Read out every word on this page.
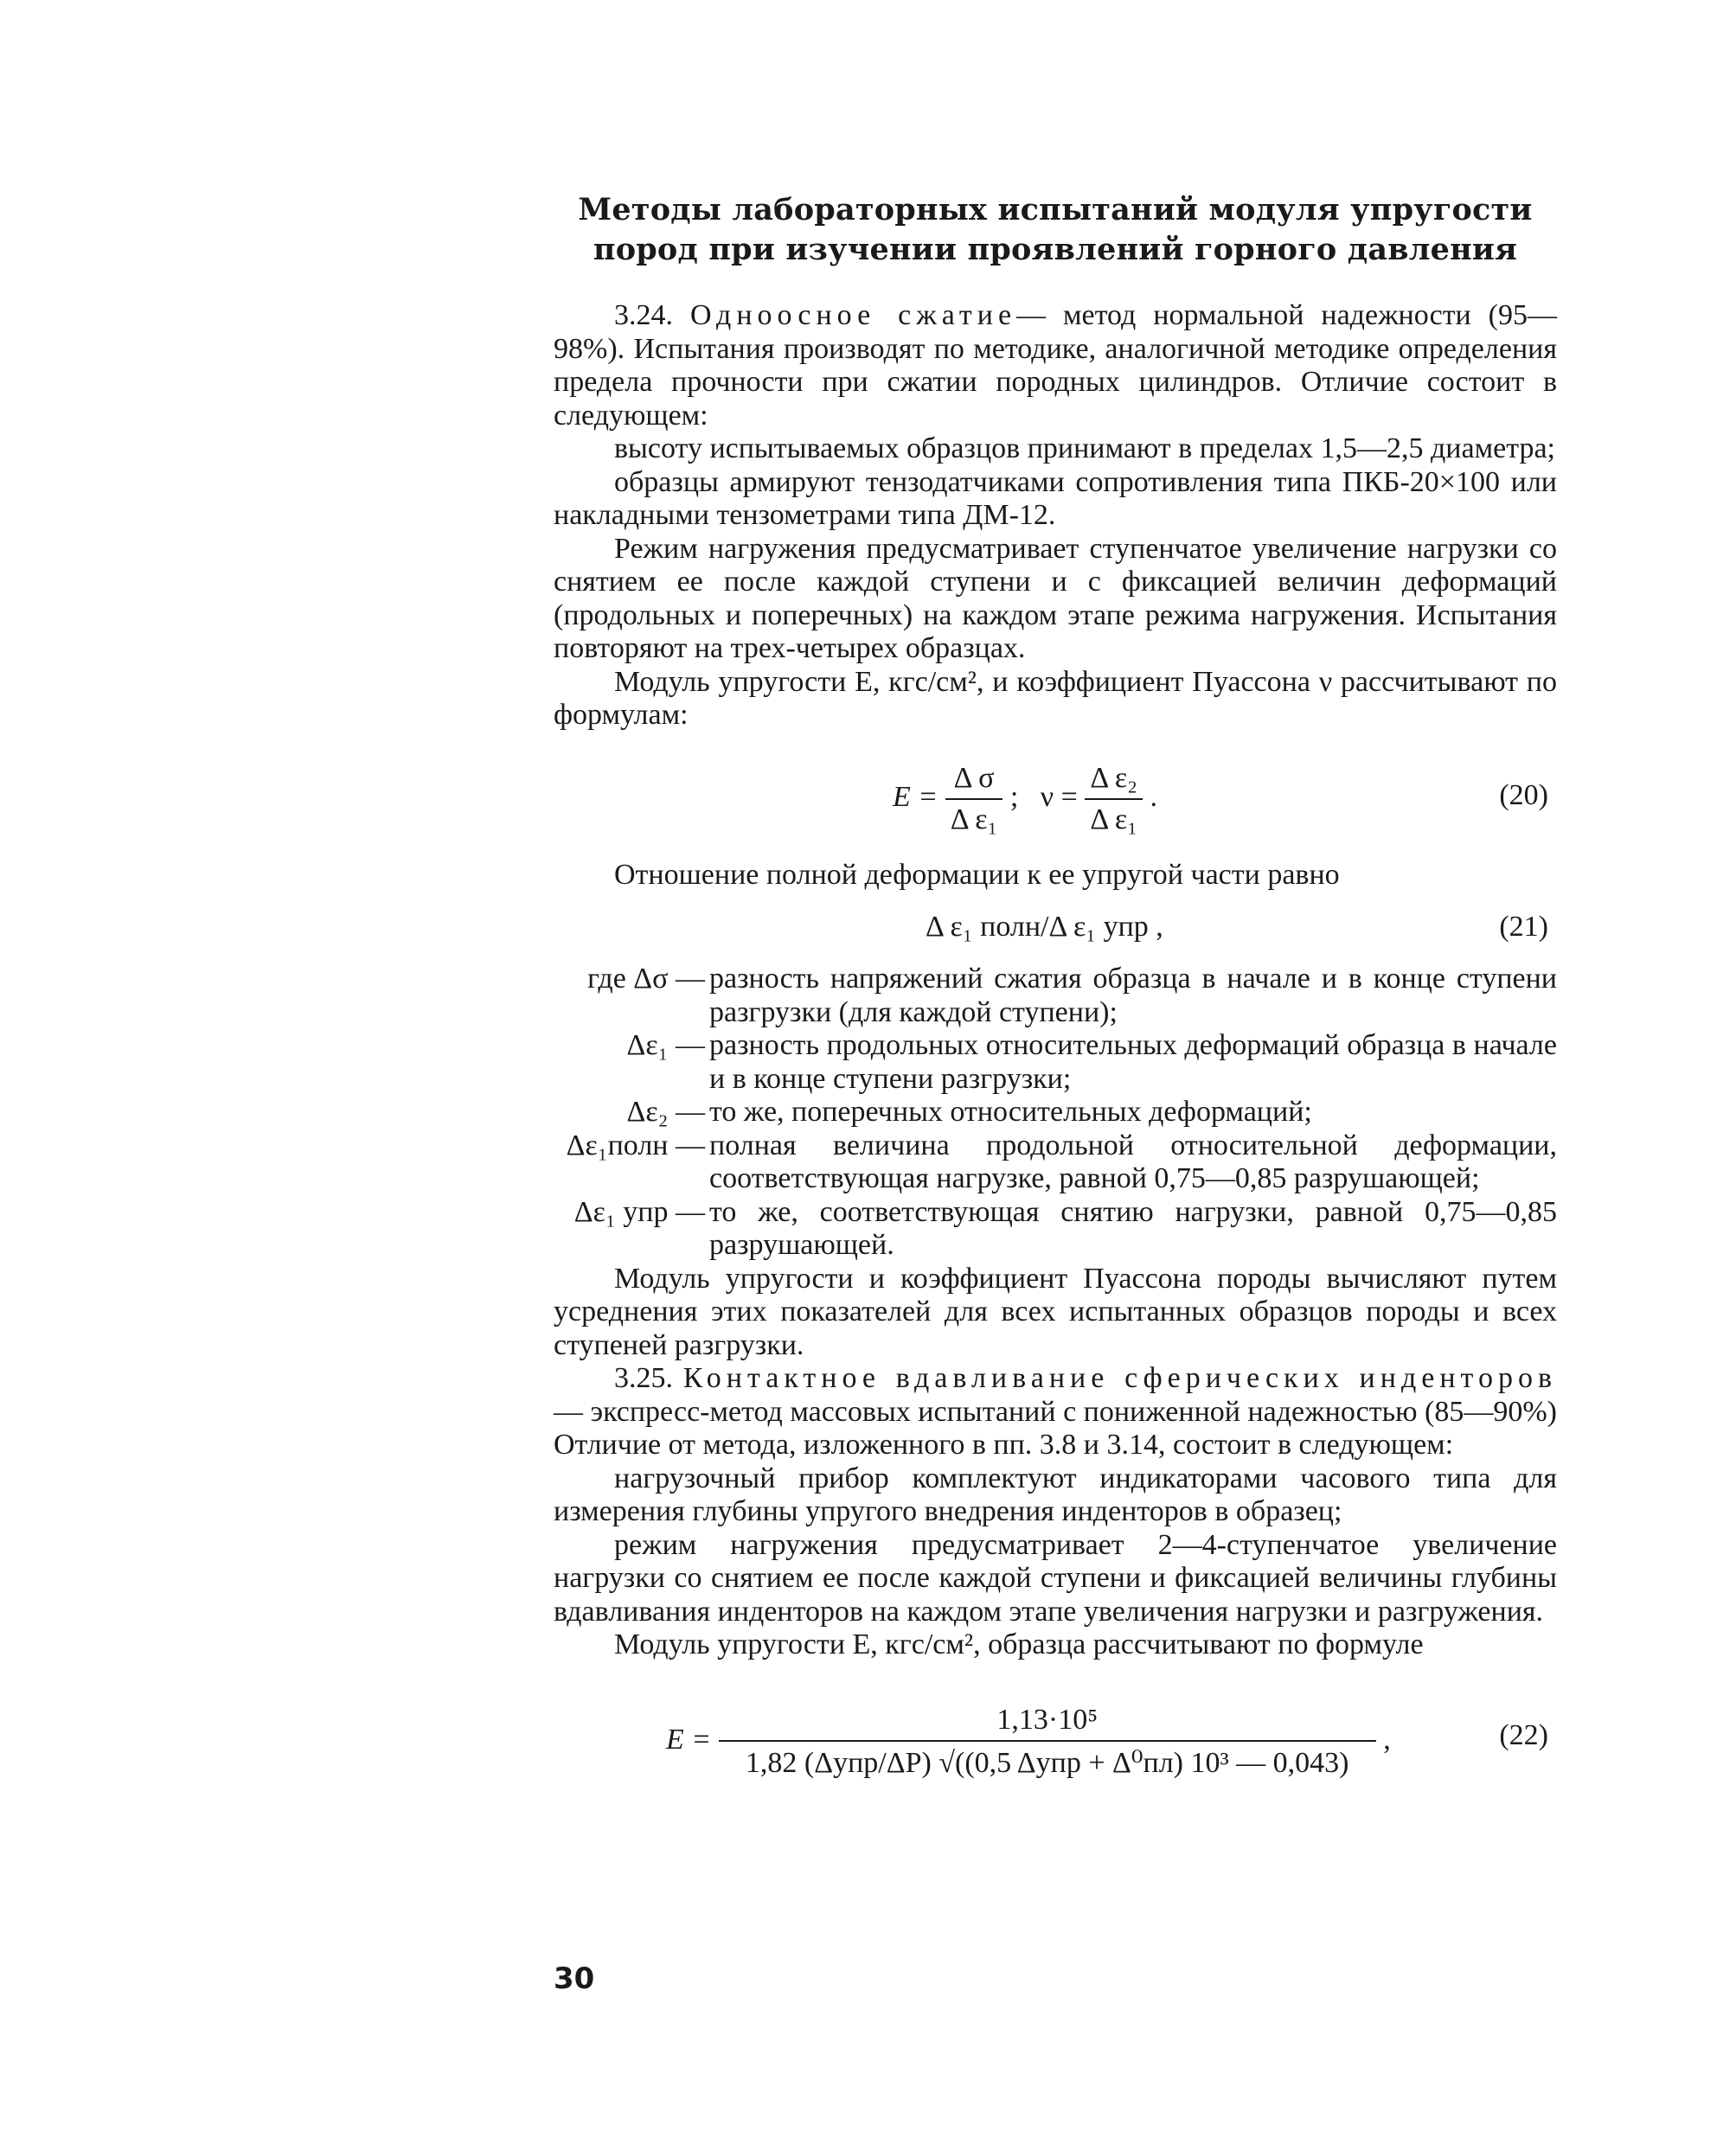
Методы лабораторных испытаний модуля упругости
пород при изучении проявлений горного давления

3.24. Одноосное сжатие— метод нормальной надежности (95—98%). Испытания производят по методике, аналогичной методике определения предела прочности при сжатии породных цилиндров. Отличие состоит в следующем:

высоту испытываемых образцов принимают в пределах 1,5—2,5 диаметра;

образцы армируют тензодатчиками сопротивления типа ПКБ-20×100 или накладными тензометрами типа ДМ-12.

Режим нагружения предусматривает ступенчатое увеличение нагрузки со снятием ее после каждой ступени и с фиксацией величин деформаций (продольных и поперечных) на каждом этапе режима нагружения. Испытания повторяют на трех-четырех образцах.

Модуль упругости E, кгс/см², и коэффициент Пуассона ν рассчитывают по формулам:

$E = \frac{\text{Δ σ}}{\text{Δ ε₁}}$ ; $\nu = \frac{\text{Δ ε₂}}{\text{Δ ε₁}}$ .	(20)

Отношение полной деформации к ее упругой части равно

Δ ε₁ полн/Δ ε₁ упр ,	(21)
где Δσ — разность напряжений сжатия образца в начале и в конце ступени разгрузки (для каждой ступени);
Δε₁ — разность продольных относительных деформаций образца в начале и в конце ступени разгрузки;
Δε₂ — то же, поперечных относительных деформаций;
Δε₁полн — полная величина продольной относительной деформации, соответствующая нагрузке, равной 0,75—0,85 разрушающей;
Δε₁ упр — то же, соответствующая снятию нагрузки, равной 0,75—0,85 разрушающей.

Модуль упругости и коэффициент Пуассона породы вычисляют путем усреднения этих показателей для всех испытанных образцов породы и всех ступеней разгрузки.

3.25. Контактное вдавливание сферических инденторов— экспресс-метод массовых испытаний с пониженной надежностью (85—90%) Отличие от метода, изложенного в пп. 3.8 и 3.14, состоит в следующем:

нагрузочный прибор комплектуют индикаторами часового типа для измерения глубины упругого внедрения инденторов в образец;

режим нагружения предусматривает 2—4-ступенчатое увеличение нагрузки со снятием ее после каждой ступени и фиксацией величины глубины вдавливания инденторов на каждом этапе увеличения нагрузки и разгружения.

Модуль упругости E, кгс/см², образца рассчитывают по формуле

$E = \frac{\text{1,13·10⁵}}{\text{1,82 (Δупр/ΔP) √((0,5 Δупр + Δ⁰пл) 10³ — 0,043)}}$ ,	(22)
30
